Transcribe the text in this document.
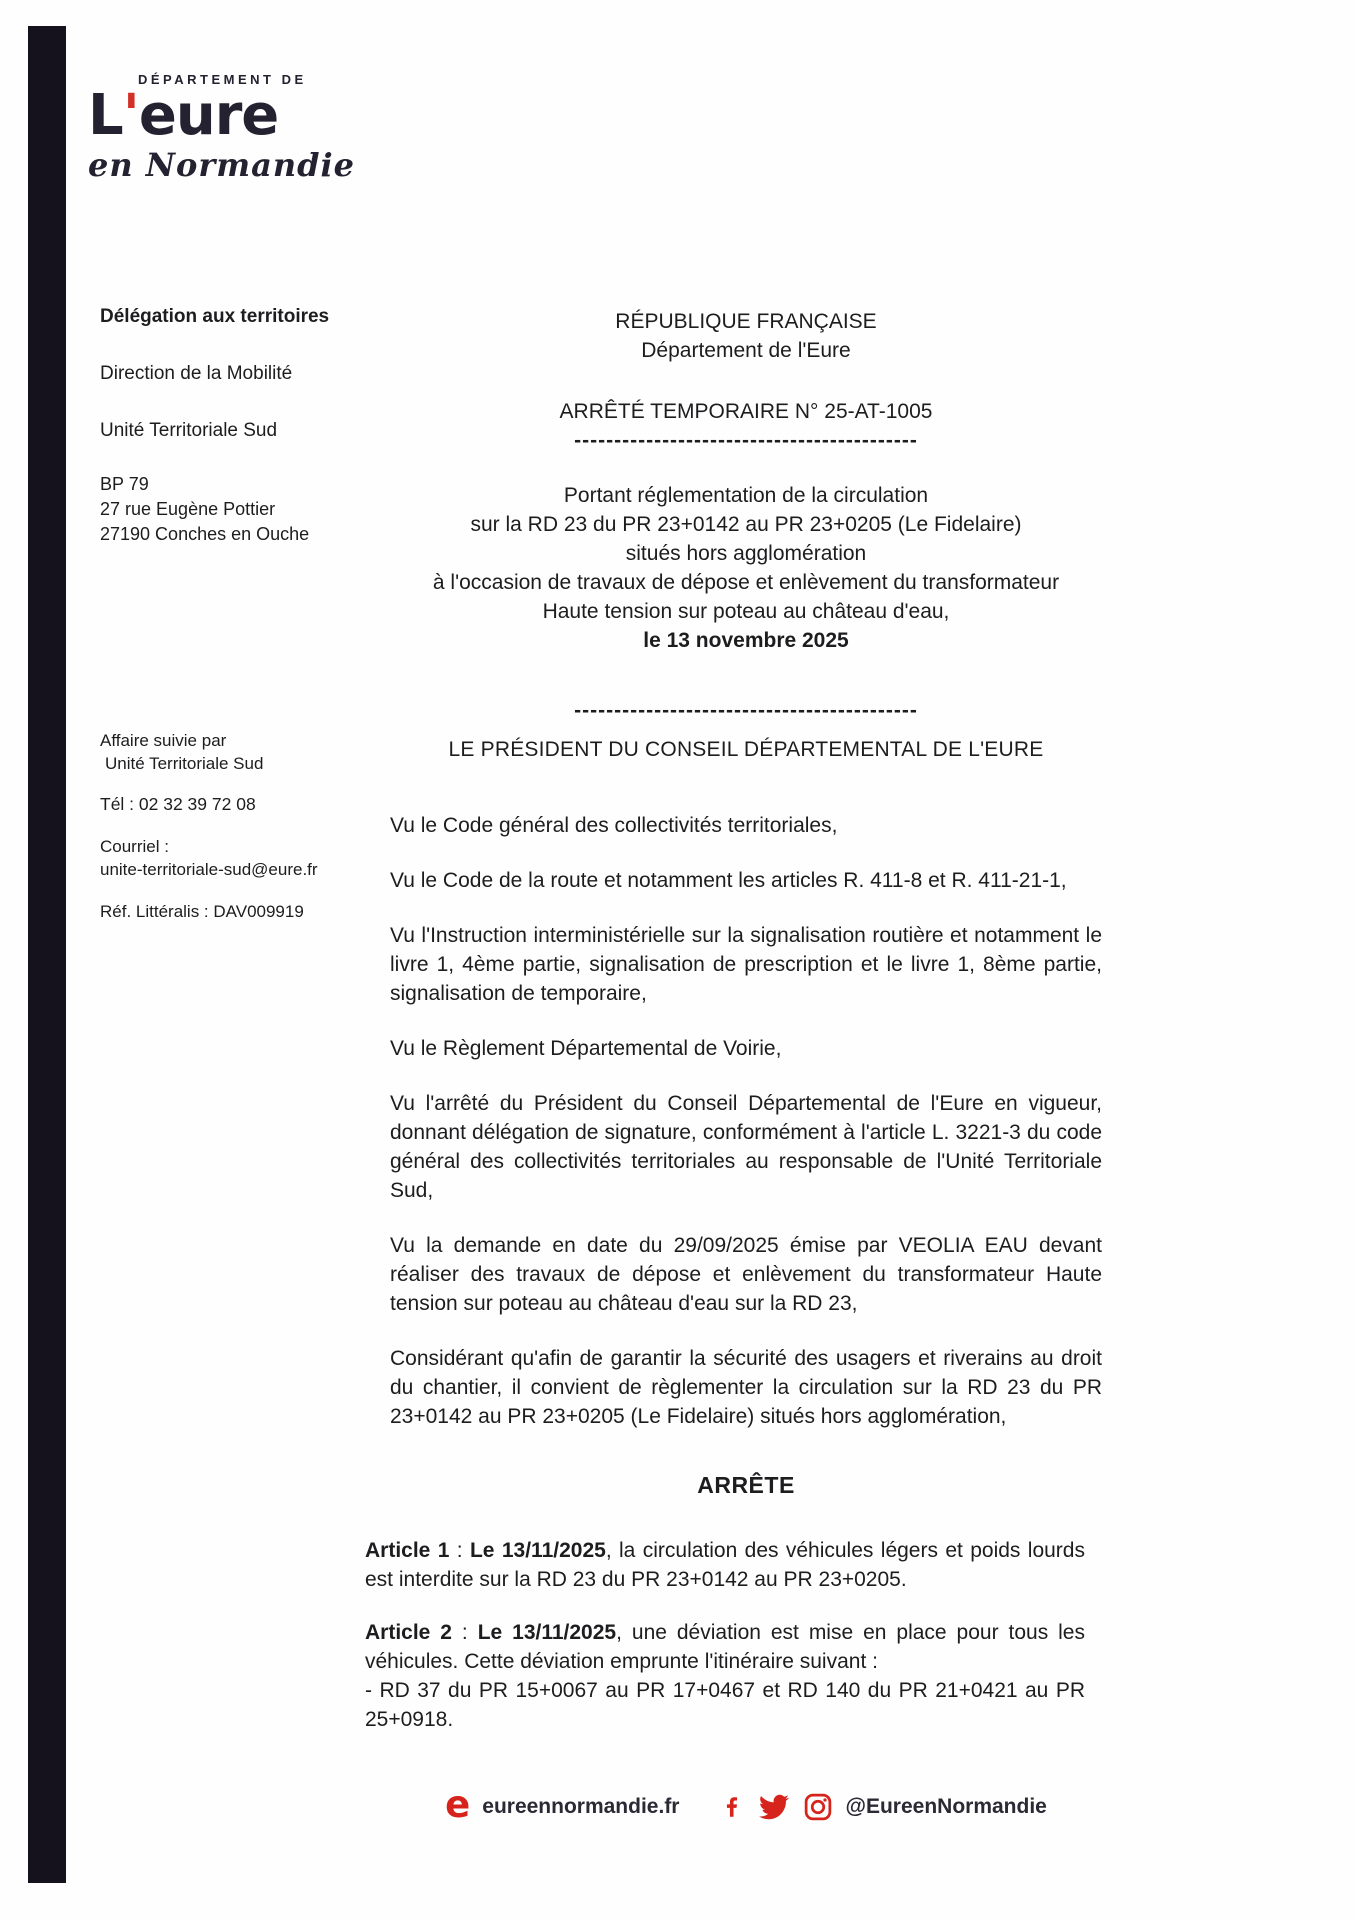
DÉPARTEMENT DE
L'eure
en Normandie
Délégation aux territoires
Direction de la Mobilité
Unité Territoriale Sud
BP 79
27 rue Eugène Pottier
27190 Conches en Ouche
Affaire suivie par
Unité Territoriale Sud
Tél : 02 32 39 72 08
Courriel :
unite-territoriale-sud@eure.fr
Réf. Littéralis : DAV009919
RÉPUBLIQUE FRANÇAISE
Département de l'Eure
ARRÊTÉ TEMPORAIRE N° 25-AT-1005
-------------------------------------------
Portant réglementation de la circulation
sur la RD 23 du PR 23+0142 au PR 23+0205 (Le Fidelaire)
situés hors agglomération
à l'occasion de travaux de dépose et enlèvement du transformateur
Haute tension sur poteau au château d'eau,
le 13 novembre 2025
-------------------------------------------
LE PRÉSIDENT DU CONSEIL DÉPARTEMENTAL DE L'EURE

Vu le Code général des collectivités territoriales,

Vu le Code de la route et notamment les articles R. 411-8 et R. 411-21-1,

Vu l'Instruction interministérielle sur la signalisation routière et notamment le livre 1, 4ème partie, signalisation de prescription et le livre 1, 8ème partie, signalisation de temporaire,

Vu le Règlement Départemental de Voirie,

Vu l'arrêté du Président du Conseil Départemental de l'Eure en vigueur, donnant délégation de signature, conformément à l'article L. 3221-3 du code général des collectivités territoriales au responsable de l'Unité Territoriale Sud,

Vu la demande en date du 29/09/2025 émise par VEOLIA EAU devant réaliser des travaux de dépose et enlèvement du transformateur Haute tension sur poteau au château d'eau sur la RD 23,

Considérant qu'afin de garantir la sécurité des usagers et riverains au droit du chantier, il convient de règlementer la circulation sur la RD 23 du PR 23+0142 au PR 23+0205 (Le Fidelaire) situés hors agglomération,

ARRÊTE

Article 1 : Le 13/11/2025, la circulation des véhicules légers et poids lourds est interdite sur la RD 23 du PR 23+0142 au PR 23+0205.

Article 2 : Le 13/11/2025, une déviation est mise en place pour tous les véhicules. Cette déviation emprunte l'itinéraire suivant :
- RD 37 du PR 15+0067 au PR 17+0467 et RD 140 du PR 21+0421 au PR 25+0918.

e eureennormandie.fr	@EureenNormandie
